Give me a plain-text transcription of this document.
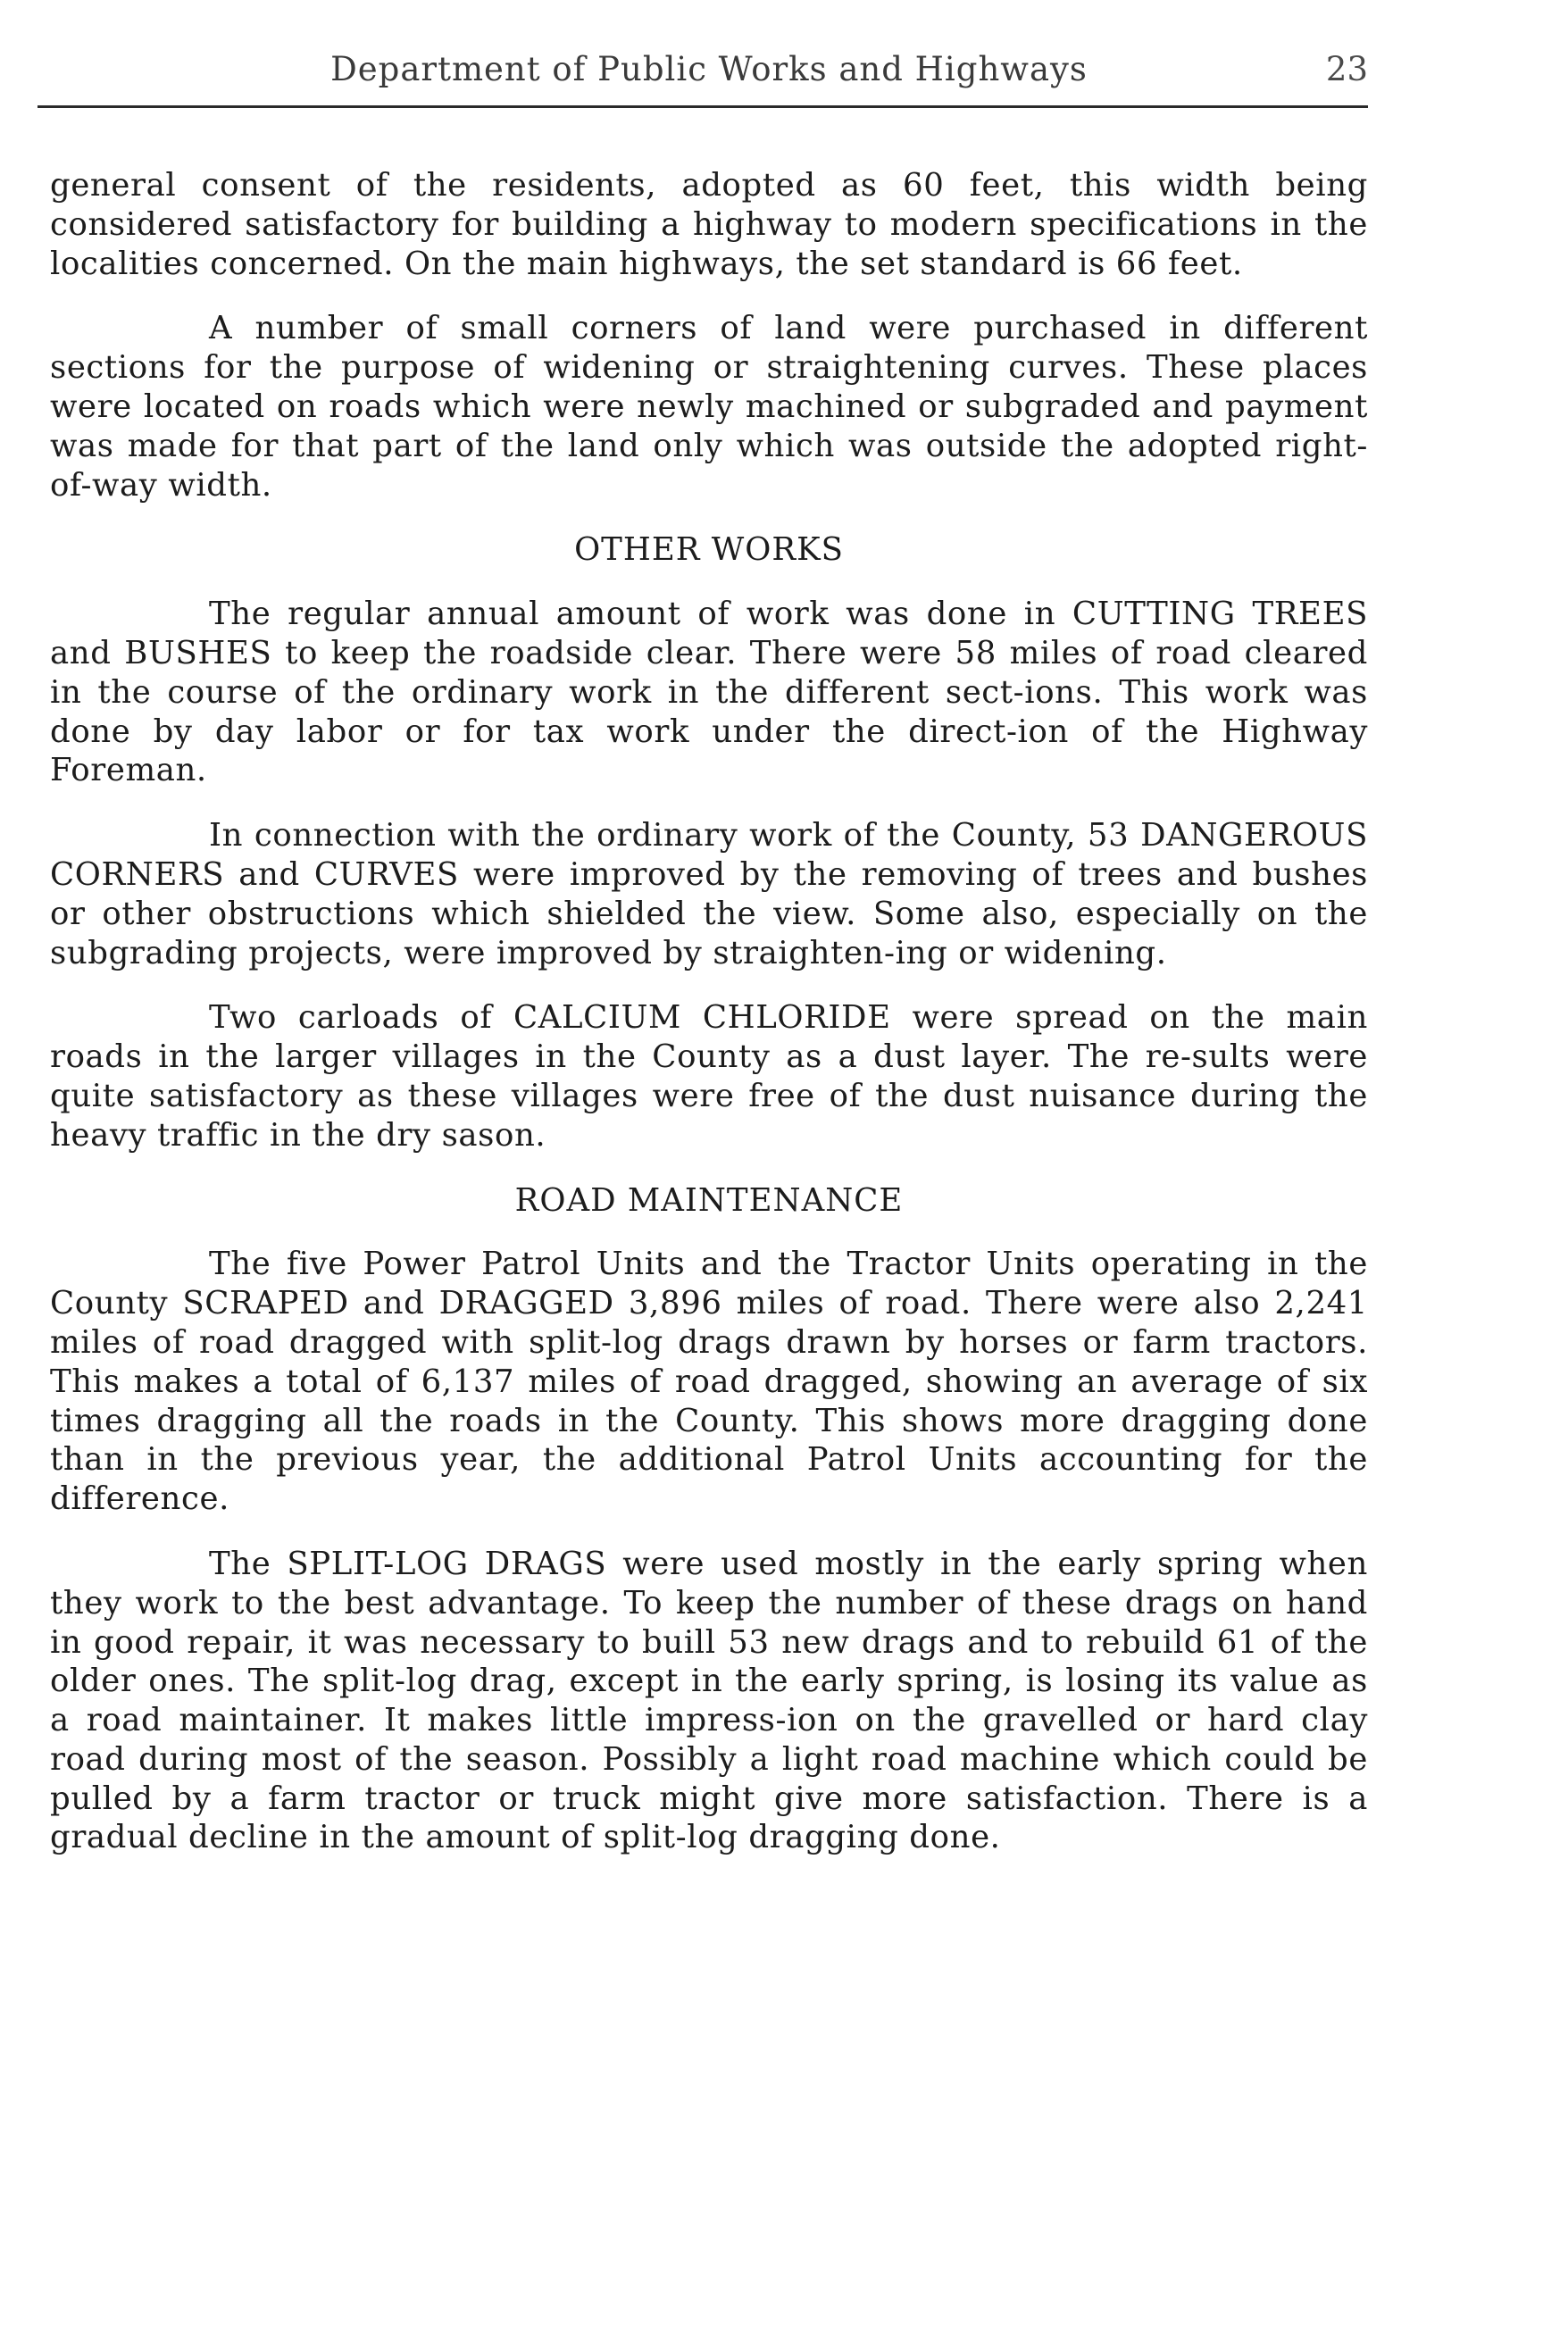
Department of Public Works and Highways	23

general consent of the residents, adopted as 60 feet, this width being considered satisfactory for building a highway to modern specifications in the localities concerned. On the main highways, the set standard is 66 feet.

A number of small corners of land were purchased in different sections for the purpose of widening or straightening curves. These places were located on roads which were newly machined or subgraded and payment was made for that part of the land only which was outside the adopted right-of-way width.

OTHER WORKS

The regular annual amount of work was done in CUTTING TREES and BUSHES to keep the roadside clear. There were 58 miles of road cleared in the course of the ordinary work in the different sect-ions. This work was done by day labor or for tax work under the direct-ion of the Highway Foreman.

In connection with the ordinary work of the County, 53 DANGEROUS CORNERS and CURVES were improved by the removing of trees and bushes or other obstructions which shielded the view. Some also, especially on the subgrading projects, were improved by straighten-ing or widening.

Two carloads of CALCIUM CHLORIDE were spread on the main roads in the larger villages in the County as a dust layer. The re-sults were quite satisfactory as these villages were free of the dust nuisance during the heavy traffic in the dry sason.

ROAD MAINTENANCE

The five Power Patrol Units and the Tractor Units operating in the County SCRAPED and DRAGGED 3,896 miles of road. There were also 2,241 miles of road dragged with split-log drags drawn by horses or farm tractors. This makes a total of 6,137 miles of road dragged, showing an average of six times dragging all the roads in the County. This shows more dragging done than in the previous year, the additional Patrol Units accounting for the difference.

The SPLIT-LOG DRAGS were used mostly in the early spring when they work to the best advantage. To keep the number of these drags on hand in good repair, it was necessary to buill 53 new drags and to rebuild 61 of the older ones. The split-log drag, except in the early spring, is losing its value as a road maintainer. It makes little impress-ion on the gravelled or hard clay road during most of the season. Possibly a light road machine which could be pulled by a farm tractor or truck might give more satisfaction. There is a gradual decline in the amount of split-log dragging done.
